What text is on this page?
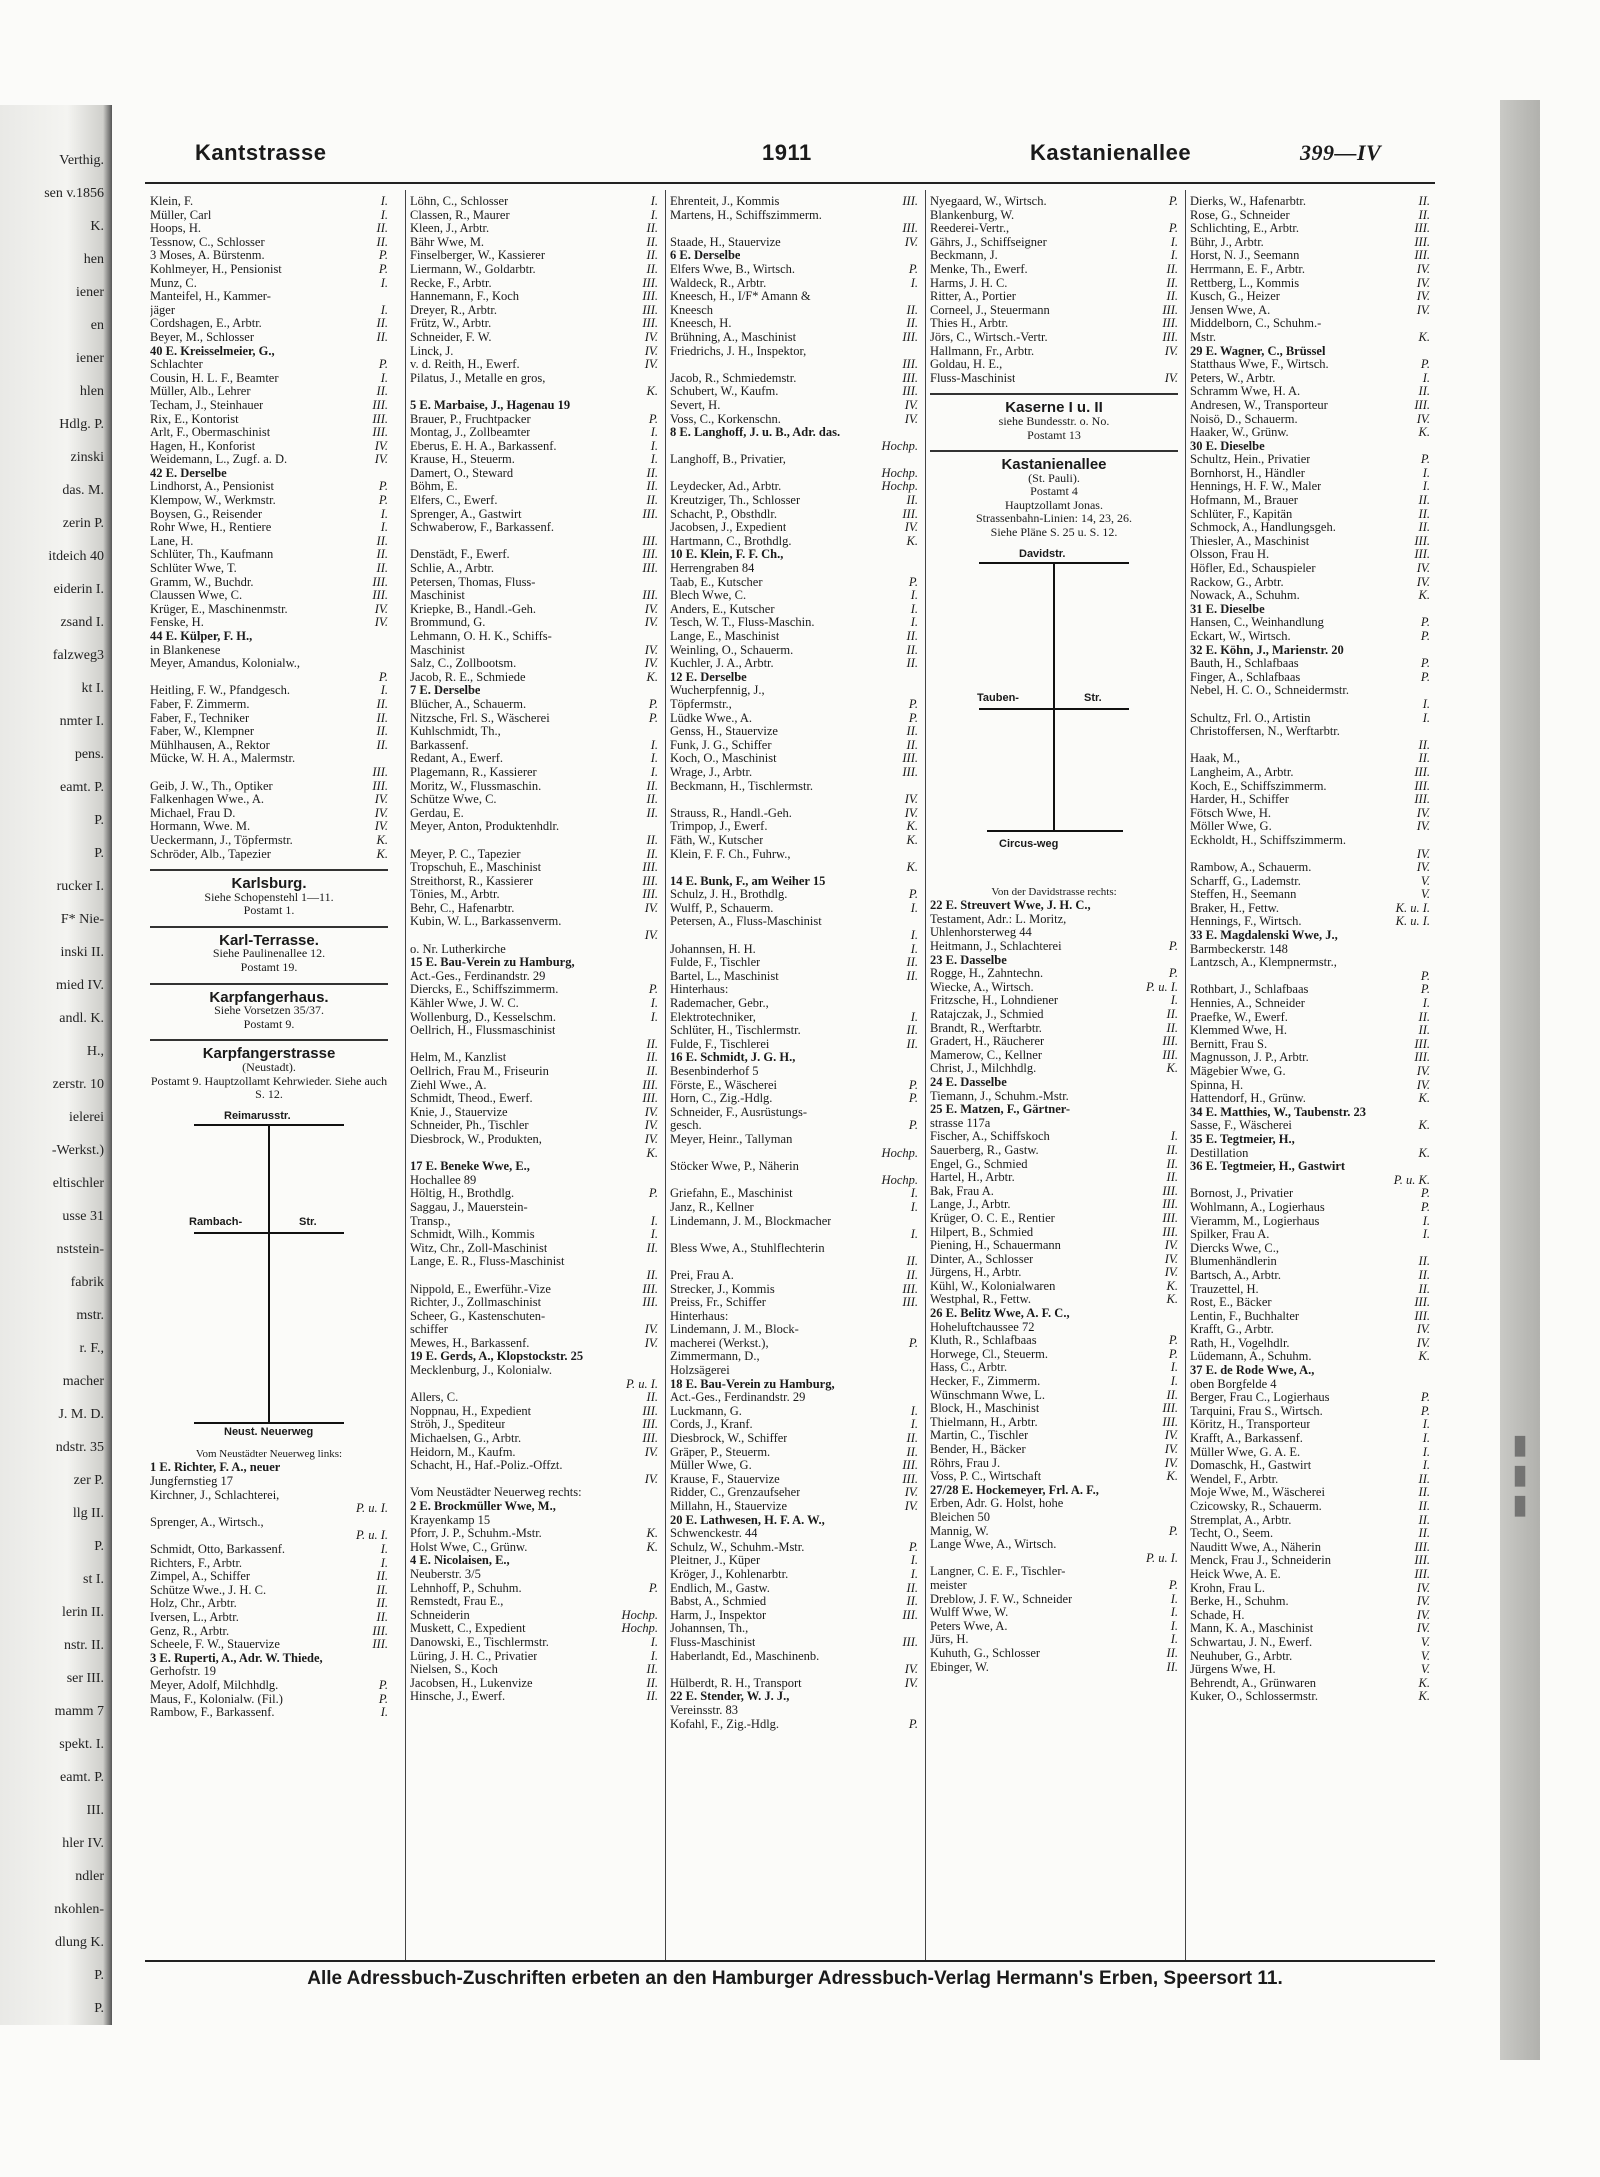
Verthig.
sen v.1856
K.
hen
iener
en
iener
hlen
Hdlg. P.
zinski
das. M.
zerin P.
itdeich 40
eiderin I.
zsand I.
falzweg3
kt I.
nmter I.
pens.
eamt. P.
P.
P.
rucker I.
F* Nie-
inski II.
mied IV.
andl. K.
H.,
zerstr. 10
ielerei
-Werkst.)
eltischler
usse 31
nststein-
fabrik
mstr.
r. F.,
macher
J. M. D.
ndstr. 35
zer P.
llg II.
P.
st I.
lerin II.
nstr. II.
ser III.
mamm 7
spekt. I.
eamt. P.
III.
hler IV.
ndler
nkohlen-
dlung K.
P.
P.
▮▮▮
Kantstrasse	1911	Kastanienallee	399—IV
Klein, F.	I.
Müller, Carl	I.
Hoops, H.	II.
Tessnow, C., Schlosser	II.
3 Moses, A. Bürstenm.	P.
Kohlmeyer, H., Pensionist	P.
Munz, C.	I.
Manteifel, H., Kammer-
jäger	I.
Cordshagen, E., Arbtr.	II.
Beyer, M., Schlosser	II.
40 E. Kreisselmeier, G.,
Schlachter	P.
Cousin, H. L. F., Beamter	I.
Müller, Alb., Lehrer	II.
Techam, J., Steinhauer	III.
Rix, E., Kontorist	III.
Arlt, F., Obermaschinist	III.
Hagen, H., Konforist	IV.
Weidemann, L., Zugf. a. D.	IV.
42 E. Derselbe
Lindhorst, A., Pensionist	P.
Klempow, W., Werkmstr.	P.
Boysen, G., Reisender	I.
Rohr Wwe, H., Rentiere	I.
Lane, H.	II.
Schlüter, Th., Kaufmann	II.
Schlüter Wwe, T.	II.
Gramm, W., Buchdr.	III.
Claussen Wwe, C.	III.
Krüger, E., Maschinenmstr.	IV.
Fenske, H.	IV.
44 E. Külper, F. H.,
in Blankenese
Meyer, Amandus, Kolonialw.,
P.
Heitling, F. W., Pfandgesch.	I.
Faber, F. Zimmerm.	II.
Faber, F., Techniker	II.
Faber, W., Klempner	II.
Mühlhausen, A., Rektor	II.
Mücke, W. H. A., Malermstr.
III.
Geib, J. W., Th., Optiker	III.
Falkenhagen Wwe., A.	IV.
Michael, Frau D.	IV.
Hormann, Wwe. M.	IV.
Ueckermann, J., Töpfermstr.	K.
Schröder, Alb., Tapezier	K.
Karlsburg.
Siehe Schopenstehl 1—11.
Postamt 1.
Karl-Terrasse.
Siehe Paulinenallee 12.
Postamt 19.
Karpfangerhaus.
Siehe Vorsetzen 35/37.
Postamt 9.
Karpfangerstrasse
(Neustadt).
Postamt 9. Hauptzollamt Kehrwieder. Siehe auch S. 12.
Reimarusstr.
Rambach-	Str.
Neust. Neuerweg
Vom Neustädter Neuerweg links:
1 E. Richter, F. A., neuer
Jungfernstieg 17
Kirchner, J., Schlachterei,
P. u. I.
Sprenger, A., Wirtsch.,
P. u. I.
Schmidt, Otto, Barkassenf.	I.
Richters, F., Arbtr.	I.
Zimpel, A., Schiffer	II.
Schütze Wwe., J. H. C.	II.
Holz, Chr., Arbtr.	II.
Iversen, L., Arbtr.	II.
Genz, R., Arbtr.	III.
Scheele, F. W., Stauervize	III.
3 E. Ruperti, A., Adr. W. Thiede,
Gerhofstr. 19
Meyer, Adolf, Milchhdlg.	P.
Maus, F., Kolonialw. (Fil.)	P.
Rambow, F., Barkassenf.	I.
Löhn, C., Schlosser	I.
Classen, R., Maurer	I.
Kleen, J., Arbtr.	II.
Bähr Wwe, M.	II.
Finselberger, W., Kassierer	II.
Liermann, W., Goldarbtr.	II.
Recke, F., Arbtr.	III.
Hannemann, F., Koch	III.
Dreyer, R., Arbtr.	III.
Frütz, W., Arbtr.	III.
Schneider, F. W.	IV.
Linck, J.	IV.
v. d. Reith, H., Ewerf.	IV.
Pilatus, J., Metalle en gros,
K.
5 E. Marbaise, J., Hagenau 19
Brauer, P., Fruchtpacker	P.
Montag, J., Zollbeamter	I.
Eberus, E. H. A., Barkassenf.	I.
Krause, H., Steuerm.	I.
Damert, O., Steward	II.
Böhm, E.	II.
Elfers, C., Ewerf.	II.
Sprenger, A., Gastwirt	III.
Schwaberow, F., Barkassenf.
III.
Denstädt, F., Ewerf.	III.
Schlie, A., Arbtr.	III.
Petersen, Thomas, Fluss-
Maschinist	III.
Kriepke, B., Handl.-Geh.	IV.
Brommund, G.	IV.
Lehmann, O. H. K., Schiffs-
Maschinist	IV.
Salz, C., Zollbootsm.	IV.
Jacob, R. E., Schmiede	K.
7 E. Derselbe
Blücher, A., Schauerm.	P.
Nitzsche, Frl. S., Wäscherei	P.
Kuhlschmidt, Th.,
Barkassenf.	I.
Redant, A., Ewerf.	I.
Plagemann, R., Kassierer	I.
Moritz, W., Flussmaschin.	II.
Schütze Wwe, C.	II.
Gerdau, E.	II.
Meyer, Anton, Produktenhdlr.
II.
Meyer, P. C., Tapezier	II.
Tropschuh, E., Maschinist	III.
Streithorst, R., Kassierer	III.
Tönies, M., Arbtr.	III.
Behr, C., Hafenarbtr.	IV.
Kubin, W. L., Barkassenverm.
IV.
o. Nr. Lutherkirche
15 E. Bau-Verein zu Hamburg,
Act.-Ges., Ferdinandstr. 29
Diercks, E., Schiffszimmerm.	P.
Kähler Wwe, J. W. C.	I.
Wollenburg, D., Kesselschm.	I.
Oellrich, H., Flussmaschinist
II.
Helm, M., Kanzlist	II.
Oellrich, Frau M., Friseurin	II.
Ziehl Wwe., A.	III.
Schmidt, Theod., Ewerf.	III.
Knie, J., Stauervize	IV.
Schneider, Ph., Tischler	IV.
Diesbrock, W., Produkten,	IV.
K.
17 E. Beneke Wwe, E.,
Hochallee 89
Höltig, H., Brothdlg.	P.
Saggau, J., Mauerstein-
Transp.,	I.
Schmidt, Wilh., Kommis	I.
Witz, Chr., Zoll-Maschinist	II.
Lange, E. R., Fluss-Maschinist
II.
Nippold, E., Ewerführ.-Vize	III.
Richter, J., Zollmaschinist	III.
Scheer, G., Kastenschuten-
schiffer	IV.
Mewes, H., Barkassenf.	IV.
19 E. Gerds, A., Klopstockstr. 25
Mecklenburg, J., Kolonialw.
P. u. I.
Allers, C.	II.
Noppnau, H., Expedient	III.
Ströh, J., Spediteur	III.
Michaelsen, G., Arbtr.	III.
Heidorn, M., Kaufm.	IV.
Schacht, H., Haf.-Poliz.-Offzt.
IV.
Vom Neustädter Neuerweg rechts:
2 E. Brockmüller Wwe, M.,
Krayenkamp 15
Pforr, J. P., Schuhm.-Mstr.	K.
Holst Wwe, C., Grünw.	K.
4 E. Nicolaisen, E.,
Neuberstr. 3/5
Lehnhoff, P., Schuhm.	P.
Remstedt, Frau E.,
Schneiderin	Hochp.
Muskett, C., Expedient	Hochp.
Danowski, E., Tischlermstr.	I.
Lüring, J. H. C., Privatier	I.
Nielsen, S., Koch	II.
Jacobsen, H., Lukenvize	II.
Hinsche, J., Ewerf.	II.
Ehrenteit, J., Kommis	III.
Martens, H., Schiffszimmerm.
III.
Staade, H., Stauervize	IV.
6 E. Derselbe
Elfers Wwe, B., Wirtsch.	P.
Waldeck, R., Arbtr.	I.
Kneesch, H., I/F* Amann &
Kneesch	II.
Kneesch, H.	II.
Brühning, A., Maschinist	III.
Friedrichs, J. H., Inspektor,
III.
Jacob, R., Schmiedemstr.	III.
Schubert, W., Kaufm.	III.
Severt, H.	IV.
Voss, C., Korkenschn.	IV.
8 E. Langhoff, J. u. B., Adr. das.
Hochp.
Langhoff, B., Privatier,
Hochp.
Leydecker, Ad., Arbtr.	Hochp.
Kreutziger, Th., Schlosser	II.
Schacht, P., Obsthdlr.	III.
Jacobsen, J., Expedient	IV.
Hartmann, C., Brothdlg.	K.
10 E. Klein, F. F. Ch.,
Herrengraben 84
Taab, E., Kutscher	P.
Blech Wwe, C.	I.
Anders, E., Kutscher	I.
Tesch, W. T., Fluss-Maschin.	I.
Lange, E., Maschinist	II.
Weinling, O., Schauerm.	II.
Kuchler, J. A., Arbtr.	II.
12 E. Derselbe
Wucherpfennig, J.,
Töpfermstr.,	P.
Lüdke Wwe., A.	P.
Genss, H., Stauervize	II.
Funk, J. G., Schiffer	II.
Koch, O., Maschinist	III.
Wrage, J., Arbtr.	III.
Beckmann, H., Tischlermstr.
IV.
Strauss, R., Handl.-Geh.	IV.
Trimpop, J., Ewerf.	K.
Fäth, W., Kutscher	K.
Klein, F. F. Ch., Fuhrw.,
K.
14 E. Bunk, F., am Weiher 15
Schulz, J. H., Brothdlg.	P.
Wulff, P., Schauerm.	I.
Petersen, A., Fluss-Maschinist
I.
Johannsen, H. H.	I.
Fulde, F., Tischler	II.
Bartel, L., Maschinist	II.
Hinterhaus:
Rademacher, Gebr.,
Elektrotechniker,	I.
Schlüter, H., Tischlermstr.	II.
Fulde, F., Tischlerei	II.
16 E. Schmidt, J. G. H.,
Besenbinderhof 5
Förste, E., Wäscherei	P.
Horn, C., Zig.-Hdlg.	P.
Schneider, F., Ausrüstungs-
gesch.	P.
Meyer, Heinr., Tallyman
Hochp.
Stöcker Wwe, P., Näherin
Hochp.
Griefahn, E., Maschinist	I.
Janz, R., Kellner	I.
Lindemann, J. M., Blockmacher
I.
Bless Wwe, A., Stuhlflechterin
II.
Prei, Frau A.	II.
Strecker, J., Kommis	III.
Preiss, Fr., Schiffer	III.
Hinterhaus:
Lindemann, J. M., Block-
macherei (Werkst.),	P.
Zimmermann, D.,
Holzsägerei
18 E. Bau-Verein zu Hamburg,
Act.-Ges., Ferdinandstr. 29
Luckmann, G.	I.
Cords, J., Kranf.	I.
Diesbrock, W., Schiffer	II.
Gräper, P., Steuerm.	II.
Müller Wwe, G.	III.
Krause, F., Stauervize	III.
Ridder, C., Grenzaufseher	IV.
Millahn, H., Stauervize	IV.
20 E. Lathwesen, H. F. A. W.,
Schwenckestr. 44
Schulz, W., Schuhm.-Mstr.	P.
Pleitner, J., Küper	I.
Kröger, J., Kohlenarbtr.	I.
Endlich, M., Gastw.	II.
Babst, A., Schmied	II.
Harm, J., Inspektor	III.
Johannsen, Th.,
Fluss-Maschinist	III.
Haberlandt, Ed., Maschinenb.
IV.
Hülberdt, R. H., Transport	IV.
22 E. Stender, W. J. J.,
Vereinsstr. 83
Kofahl, F., Zig.-Hdlg.	P.
Nyegaard, W., Wirtsch.	P.
Blankenburg, W.
Reederei-Vertr.,	P.
Gährs, J., Schiffseigner	I.
Beckmann, J.	I.
Menke, Th., Ewerf.	II.
Harms, J. H. C.	II.
Ritter, A., Portier	II.
Corneel, J., Steuermann	III.
Thies H., Arbtr.	III.
Jörs, C., Wirtsch.-Vertr.	III.
Hallmann, Fr., Arbtr.	IV.
Goldau, H. E.,
Fluss-Maschinist	IV.
Kaserne I u. II
siehe Bundesstr. o. No.
Postamt 13
Kastanienallee
(St. Pauli).
Postamt 4
Hauptzollamt Jonas.
Strassenbahn-Linien: 14, 23, 26.
Siehe Pläne S. 25 u. S. 12.
Davidstr.
Tauben-	Str.
Circus-weg
Von der Davidstrasse rechts:
22 E. Streuvert Wwe, J. H. C.,
Testament, Adr.: L. Moritz,
Uhlenhorsterweg 44
Heitmann, J., Schlachterei	P.
23 E. Dasselbe
Rogge, H., Zahntechn.	P.
Wiecke, A., Wirtsch.	P. u. I.
Fritzsche, H., Lohndiener	I.
Ratajczak, J., Schmied	II.
Brandt, R., Werftarbtr.	II.
Gradert, H., Räucherer	III.
Mamerow, C., Kellner	III.
Christ, J., Milchhdlg.	K.
24 E. Dasselbe
Tiemann, J., Schuhm.-Mstr.
25 E. Matzen, F., Gärtner-
strasse 117a
Fischer, A., Schiffskoch	I.
Sauerberg, R., Gastw.	II.
Engel, G., Schmied	II.
Hartel, H., Arbtr.	II.
Bak, Frau A.	III.
Lange, J., Arbtr.	III.
Krüger, O. C. E., Rentier	III.
Hilpert, B., Schmied	III.
Piening, H., Schauermann	IV.
Dinter, A., Schlosser	IV.
Jürgens, H., Arbtr.	IV.
Kühl, W., Kolonialwaren	K.
Westphal, R., Fettw.	K.
26 E. Belitz Wwe, A. F. C.,
Hoheluftchaussee 72
Kluth, R., Schlafbaas	P.
Horwege, Cl., Steuerm.	P.
Hass, C., Arbtr.	I.
Hecker, F., Zimmerm.	I.
Wünschmann Wwe, L.	II.
Block, H., Maschinist	III.
Thielmann, H., Arbtr.	III.
Martin, C., Tischler	IV.
Bender, H., Bäcker	IV.
Röhrs, Frau J.	IV.
Voss, P. C., Wirtschaft	K.
27/28 E. Hockemeyer, Frl. A. F.,
Erben, Adr. G. Holst, hohe
Bleichen 50
Mannig, W.	P.
Lange Wwe, A., Wirtsch.
P. u. I.
Langner, C. E. F., Tischler-
meister	P.
Dreblow, J. F. W., Schneider	I.
Wulff Wwe, W.	I.
Peters Wwe, A.	I.
Jürs, H.	I.
Kuhuth, G., Schlosser	II.
Ebinger, W.	II.
Dierks, W., Hafenarbtr.	II.
Rose, G., Schneider	II.
Schlichting, E., Arbtr.	III.
Bühr, J., Arbtr.	III.
Horst, N. J., Seemann	III.
Herrmann, E. F., Arbtr.	IV.
Rettberg, L., Kommis	IV.
Kusch, G., Heizer	IV.
Jensen Wwe, A.	IV.
Middelborn, C., Schuhm.-
Mstr.	K.
29 E. Wagner, C., Brüssel
Statthaus Wwe, F., Wirtsch.	P.
Peters, W., Arbtr.	I.
Schramm Wwe, H. A.	II.
Andresen, W., Transporteur	III.
Noisö, D., Schauerm.	IV.
Haaker, W., Grünw.	K.
30 E. Dieselbe
Schultz, Hein., Privatier	P.
Bornhorst, H., Händler	I.
Hennings, H. F. W., Maler	I.
Hofmann, M., Brauer	II.
Schlüter, F., Kapitän	II.
Schmock, A., Handlungsgeh.	II.
Thiesler, A., Maschinist	III.
Olsson, Frau H.	III.
Höfler, Ed., Schauspieler	IV.
Rackow, G., Arbtr.	IV.
Nowack, A., Schuhm.	K.
31 E. Dieselbe
Hansen, C., Weinhandlung	P.
Eckart, W., Wirtsch.	P.
32 E. Köhn, J., Marienstr. 20
Bauth, H., Schlafbaas	P.
Finger, A., Schlafbaas	P.
Nebel, H. C. O., Schneidermstr.
I.
Schultz, Frl. O., Artistin	I.
Christoffersen, N., Werftarbtr.
II.
Haak, M.,	II.
Langheim, A., Arbtr.	III.
Koch, E., Schiffszimmerm.	III.
Harder, H., Schiffer	III.
Fötsch Wwe, H.	IV.
Möller Wwe, G.	IV.
Eckholdt, H., Schiffszimmerm.
IV.
Rambow, A., Schauerm.	IV.
Scharff, G., Lademstr.	V.
Steffen, H., Seemann	V.
Braker, H., Fettw.	K. u. I.
Hennings, F., Wirtsch.	K. u. I.
33 E. Magdalenski Wwe, J.,
Barmbeckerstr. 148
Lantzsch, A., Klempnermstr.,
P.
Rothbart, J., Schlafbaas	P.
Hennies, A., Schneider	I.
Praefke, W., Ewerf.	II.
Klemmed Wwe, H.	II.
Bernitt, Frau S.	III.
Magnusson, J. P., Arbtr.	III.
Mägebier Wwe, G.	IV.
Spinna, H.	IV.
Hattendorf, H., Grünw.	K.
34 E. Matthies, W., Taubenstr. 23
Sasse, F., Wäscherei	K.
35 E. Tegtmeier, H.,
Destillation	K.
36 E. Tegtmeier, H., Gastwirt
P. u. K.
Bornost, J., Privatier	P.
Wohlmann, A., Logierhaus	P.
Vieramm, M., Logierhaus	I.
Spilker, Frau A.	I.
Diercks Wwe, C.,
Blumenhändlerin	II.
Bartsch, A., Arbtr.	II.
Trauzettel, H.	II.
Rost, E., Bäcker	III.
Lentin, F., Buchhalter	III.
Krafft, G., Arbtr.	IV.
Rath, H., Vogelhdlr.	IV.
Lüdemann, A., Schuhm.	K.
37 E. de Rode Wwe, A.,
oben Borgfelde 4
Berger, Frau C., Logierhaus	P.
Tarquini, Frau S., Wirtsch.	P.
Köritz, H., Transporteur	I.
Krafft, A., Barkassenf.	I.
Müller Wwe, G. A. E.	I.
Domaschk, H., Gastwirt	I.
Wendel, F., Arbtr.	II.
Moje Wwe, M., Wäscherei	II.
Czicowsky, R., Schauerm.	II.
Stremplat, A., Arbtr.	II.
Techt, O., Seem.	II.
Nauditt Wwe, A., Näherin	III.
Menck, Frau J., Schneiderin	III.
Heick Wwe, A. E.	III.
Krohn, Frau L.	IV.
Berke, H., Schuhm.	IV.
Schade, H.	IV.
Mann, K. A., Maschinist	IV.
Schwartau, J. N., Ewerf.	V.
Neuhuber, G., Arbtr.	V.
Jürgens Wwe, H.	V.
Behrendt, A., Grünwaren	K.
Kuker, O., Schlossermstr.	K.
Alle Adressbuch-Zuschriften erbeten an den Hamburger Adressbuch-Verlag Hermann's Erben, Speersort 11.
